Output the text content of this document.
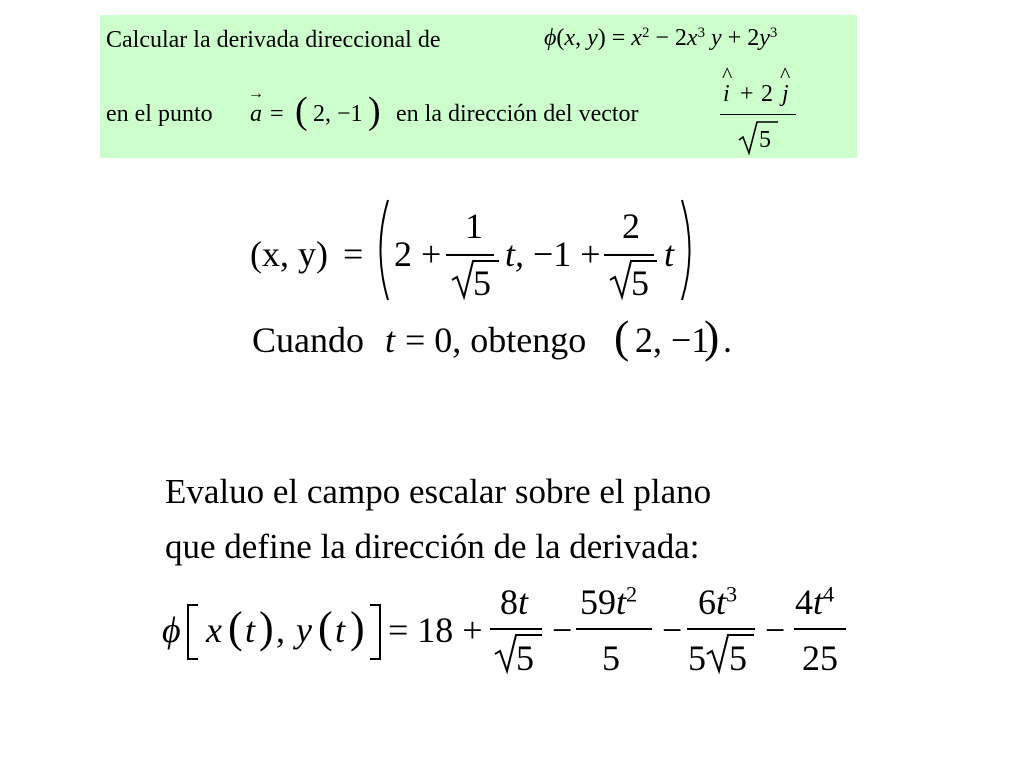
Calcular la derivada direccional de	ϕ(x, $y) = x^2 - 2x^3$ $y + 2y^3$
en el punto
→
a = ( 2, −1 ) en la dirección del vector
^
i + 2
^
j
5
(x, y) = 2 +
1
5
t, −1 +
2
5
t
Cuando t = 0, obtengo ( 2, −1
) .
Evaluo el campo escalar sobre el plano
que define la dirección de la derivada:
ϕ x ( t ) , y ( t ) = 18 +
8t
5
−
$59t^2$
5
−
$6t^3$
5 5
−
$4t^4$
25
